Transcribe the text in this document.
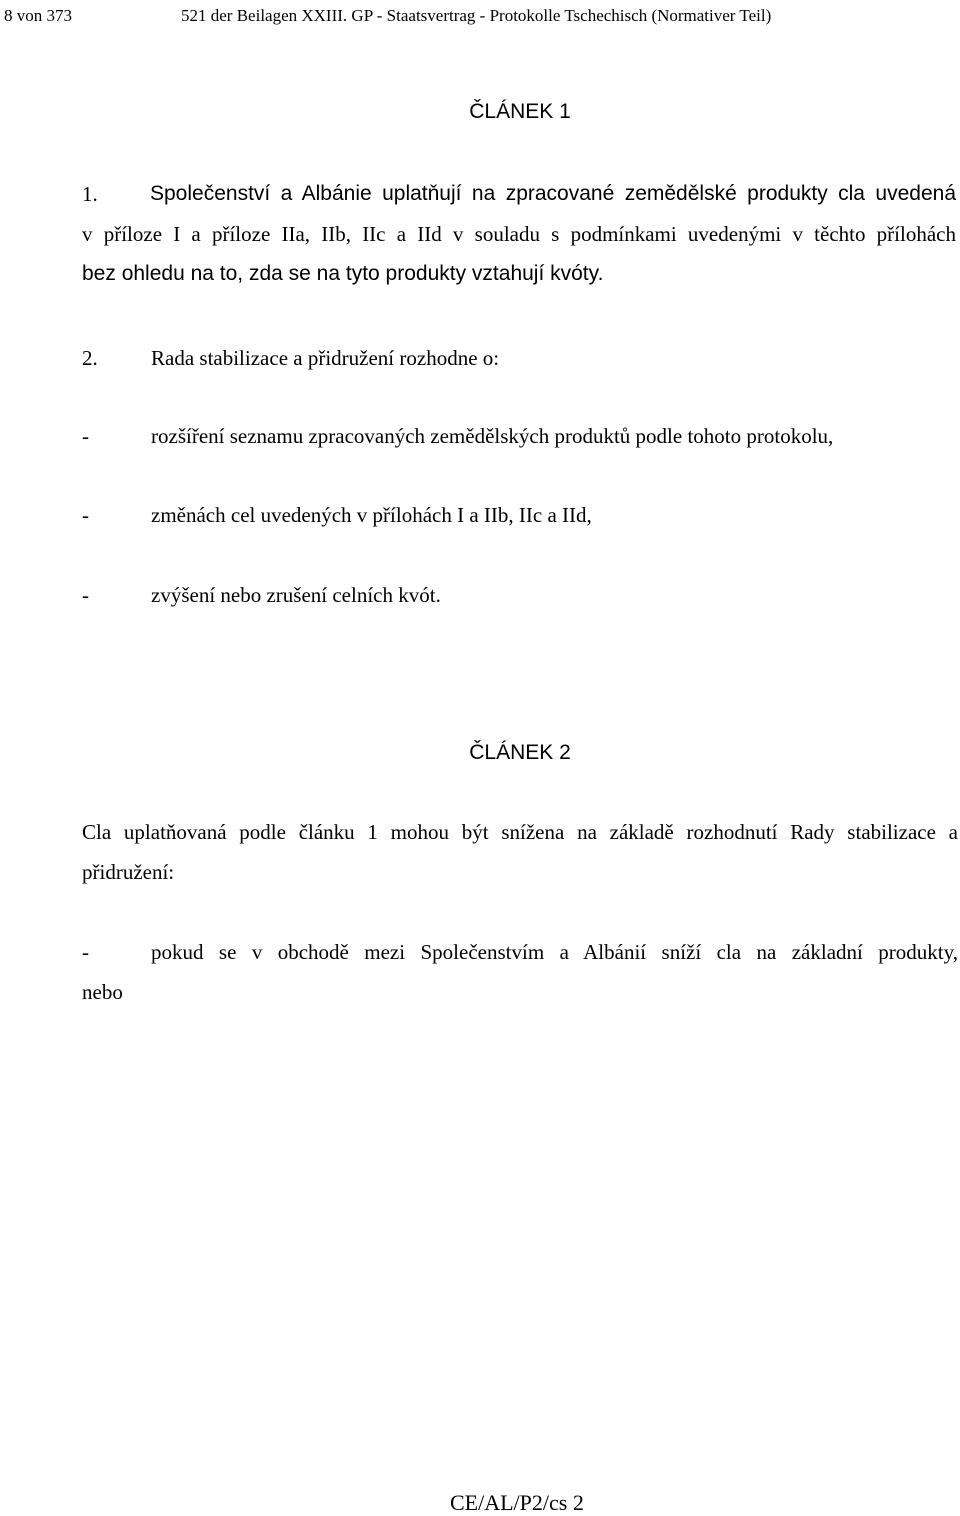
8 von 373	521 der Beilagen XXIII. GP - Staatsvertrag - Protokolle Tschechisch (Normativer Teil)
ČLÁNEK 1
1.	Společenství a Albánie uplatňují na zpracované zemědělské produkty cla uvedená
v příloze I a příloze IIa, IIb, IIc a IId v souladu s podmínkami uvedenými v těchto přílohách
bez ohledu na to, zda se na tyto produkty vztahují kvóty.
2.	Rada stabilizace a přidružení rozhodne o:
-	rozšíření seznamu zpracovaných zemědělských produktů podle tohoto protokolu,
-	změnách cel uvedených v přílohách I a IIb, IIc a IId,
-	zvýšení nebo zrušení celních kvót.
ČLÁNEK 2
Cla uplatňovaná podle článku 1 mohou být snížena na základě rozhodnutí Rady stabilizace a
přidružení:
-	pokud se v obchodě mezi Společenstvím a Albánií sníží cla na základní produkty,
nebo
CE/AL/P2/cs 2
